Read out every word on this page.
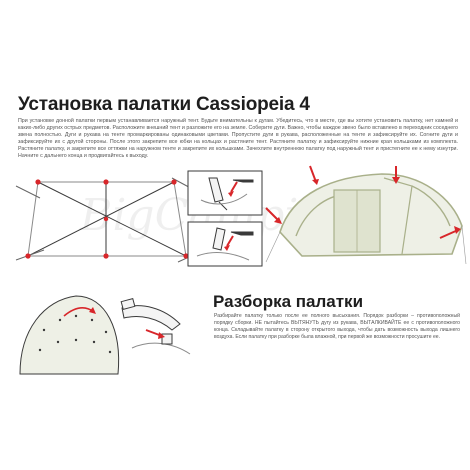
Установка палатки Cassiopeia 4
При установке донной палатки первым устанавливается наружный тент. Будьте внимательны к дугам. Убедитесь, что в месте, где вы хотите установить палатку, нет камней и каких-либо других острых предметов. Расположите внешний тент и разложите его на земле. Соберите дуги. Важно, чтобы каждое звено было вставлено в переходник соседнего звена полностью. Дуги и рукава на тенте промаркированы одинаковыми цветами. Пропустите дуги в рукава, расположенные на тенте и зафиксируйте их. Согните дуги и зафиксируйте их с другой стороны. После этого закрепите все юбки на кольцах и растяните тент. Растяните палатку и зафиксируйте нижние края кольшками из комплекта. Растяните палатку, и закрепите все оттяжки на наружном тенте и закрепите их кольшками. Зачехлите внутреннюю палатку под наружный тент и пристегните ее к нему изнутри. Начните с дальнего конца и продвигайтесь к выходу.
Разборка палатки
Разбирайте палатку только после ее полного высыхания. Порядок разборки – противоположный порядку сборки. НЕ пытайтесь ВЫТЯНУТЬ дугу из рукава, ВЫТАЛКИВАЙТЕ ее с противоположного конца. Складывайте палатку в сторону открытого выхода, чтобы дать возможность выхода лишнего воздуха. Если палатку при разборке была влажной, при первой же возможности просушите ее.
